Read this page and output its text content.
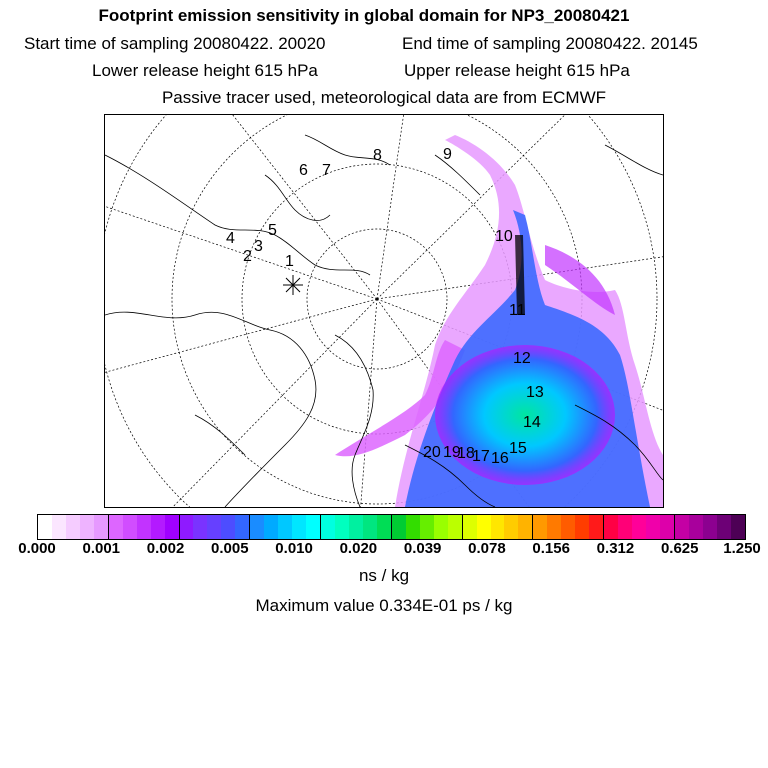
Footprint emission sensitivity in global domain for NP3_20080421
Start time of sampling 20080422. 20020	End time of sampling 20080422. 20145
Lower release height 615 hPa	Upper release height 615 hPa
Passive tracer used, meteorological data are from ECMWF
1
2
3
4 5
6 7
8	9
10
11
12
13
14
15
16
17
18
19
20
0.000 0.001 0.002 0.005 0.010 0.020 0.039 0.078 0.156 0.312 0.625 1.250
ns / kg
Maximum value 0.334E-01 ps / kg
